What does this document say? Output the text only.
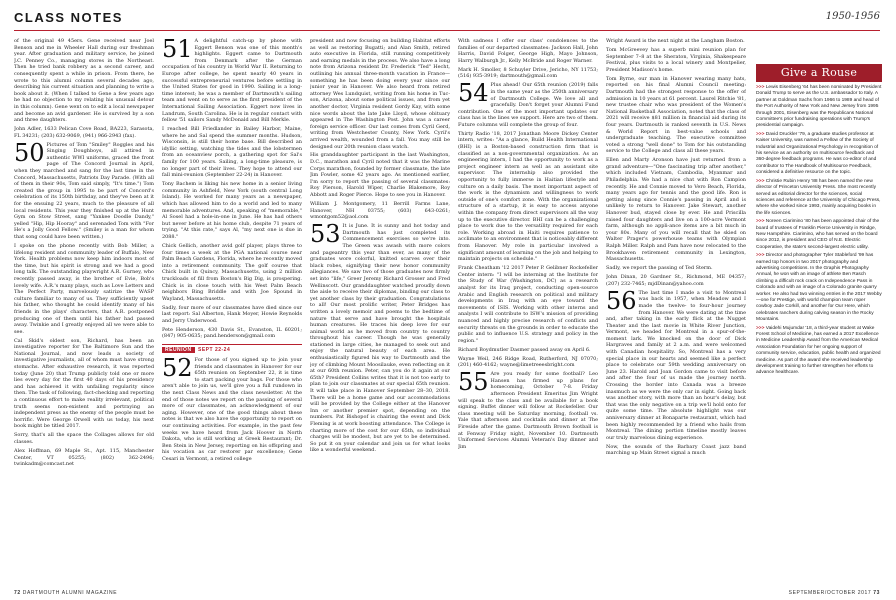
CLASS NOTES	1950-1956

of the original 49 45ers. Gene received near Joel Benson and me in Wheeler Hall during our freshman year. After graduation and military service, he joined J.C. Penney Co., managing stores in the Northeast. Then he tried bank robbery as a second career, and consequently spent a while in prison. From there, he wrote to this alumni column several decades ago, describing his current situation and planning to write a book about it. (When I talked to Gene a few years ago he had no objection to my relating his unusual detour in this column). Gene went on to edit a local newspaper and become an avid gardener. He is survived by a son and three daughters.

John Adler, 1633 Pelican Cove Road, BA223, Sarasota, FL 34231; (203) 632-9069, (941) 966-2943 (fax).

50 Pictures of Tom "Smiley" Roggles and his Singing Doughboys, all attired in authentic WWI uniforms, graced the front page of The Concord Journal in April, when they marched and sang for the last time in the Concord, Massachusetts, Patriots Day Parade. (With all of them in their 90s, Tom said simply, "It's time.") Tom created the group in 1995 to be part of Concord's celebration of its 150th birthday, and they've been at it for the ensuing 22 years, much to the pleasure of all local residents. This year they finished up at the Hunt Gym on Stow Street, sang "Yankee Doodle Dandy," yelled "Hip, Hip Hooray" and serenaded Tom with "For He's a Jolly Good Fellow." (Smiley is a man for whom that song could have been written.)

I spoke on the phone recently with Bob Miller, a lifelong resident and community leader of Buffalo, New York. Health problems now keep him indoors most of the time, but his spirit is strong and we had a good long talk. The outstanding playwright A.R. Gurney, who recently passed away, is the brother of Evie, Bob's lovely wife. A.R.'s many plays, such as Love Letters and The Perfect Party, marvelously satirize the WASP culture familiar to many of us. They sufficiently upset his father, who thought he could identify many of his friends in the plays' characters, that A.R. postponed producing one of them until his father had passed away. Twinkie and I greatly enjoyed all we were able to see.

Cal Skid's oldest son, Richard, has been an investigative reporter for The Baltimore Sun and the National Journal, and now leads a society of investigative journalists, all of whom must have strong stomachs. After exhaustive research, it was reported today (June 20) that Trump publicly told one or more lies every day for the first 40 days of his presidency and has achieved it with unfailing regularity since then. The task of following, fact-checking and reporting a continuous effort to make reality irrelevant, political truth seems non-existent and portraying an independent press as the enemy of the people must be horrific. Were George Orwell with us today, his next book might be titled 2017.

Sorry, that's all the space the Collages allows for old classes.

Alex Hoffman, 69 Maple St., Apt. 115, Manchester Center, VT 05255; (802) 362-2496; twinkadm@comcast.net

51 A delightful catch-up by phone with Eggert Benson was one of this month's highlights. Eggert came to Dartmouth from Denmark after the German occupation of his country in World War II. Returning to Europe after college, he spent nearly 40 years in successful entrepreneurial ventures before settling in the United States for good in 1990. Sailing is a long-time interest; he was a member of Dartmouth's sailing team and went on to serve as the first president of the International Sailing Association. Eggert now lives in Landrum, South Carolina. He is in regular contact with fellow '51 sailors Sandy McDonald and Bill Merkle.

I reached Bill Friedlander in Bailey Harbor, Maine, where he and Sal spend the summer months. Hudson, Wisconsin, is still their home base. Bill described an idyllic setting, watching the tides and the lobstermen from an oceanview porch, a gathering spot for Sal's family for 100 years. Sailing, a long-time pleasure, is no longer part of their lives. They hope to attend our fall mini-reunion (September 22-24) in Hanover.

Tony Bachem is liking his new home in a senior living community in Ashfield, New York (south central Long Island). He worked for many years as a newspaper, which has allowed him to do a world and led to many memorable adventures. And, speaking of "memorable," Al Sosel had a hole-in-one in June. He has had others but never before at his home club, despite 71 years of trying. "At this rate," says Al, "my next one is due in 2088."

Chick Gellich, another avid golf player, plays three to four times a week at the PGA national course near Palm Beach Gardens, Florida, where he recently moved into a retirement community. The golf course that Chick built in Quincy, Massachusetts, using 2 million truckloads of fill from Boston's Big Dig, is prospering. Chick is in close touch with his West Palm Beach neighbors Bing Briddle and with Joe Spound in Wayland, Massachusetts.

Sadly, four more of our classmates have died since our last report: Sal Alberton, Hank Moyer, Howie Reynolds and Jerry Underwood.

Pete Henderson, 430 Davis St., Evanston, IL 60201; (847) 905-0635; pand.henderson@gmail.com

REUNION	SEPT 22-24

52 For those of you signed up to join your friends and classmates in Hanover for our 65th reunion on September 22, it is time to start packing your bags. For those who aren't able to join us, we'll give you a full rundown in the next Class News and the class newsletter. At the end of those notes we report on the passing of several more of our classmates, an acknowledgment of our aging. However, one of the good things about these notes is that we also have the opportunity to report on our continuing activities. For example, in the past few weeks we have heard from Jack Hoover in North Dakota, who is still working at Greek Restaurant; Dr. Ben Stein in New Jersey, reporting on his offspring and his vocation as car restorer par excellence; Gene Cesari in Vermont, a retired college

president and now focusing on building Habitat efforts as well as restoring Bugatti; and Alan Smith, retired auto executive in Florida, still running competitively and earning medals in the process. We also have a long note from Arizona resident Dr. Frederick "Ted" Hecht, outlining his annual three-month vacation in France—something he has been doing every year since our junior year in Hanover. We also heard from retired attorney Wes Lundquist, writing from his home in Tuc-son, Arizona, about some political issues, and from yet another doctor, Virginia resident Gordy Kay, with some nice words about the late Jake Lloyd, whose obituary appeared in The Washington Post. John was a career foreign service officer. Our last comes from Cyril Gerd, writing from Westchester County, New York. Cyril's arrived wealth, wounded from a fall. You may still be designed our 20th reunion class watch.

His granddaughter participant in the last Washington, D.C., marathon and Cyril noted that it was the Marine Corps marathon, founded by former classmate, the late Jim Fowler, some 42 years ago. As mentioned earlier, I'm sorry to report the passing of several classmates: Roy Pierson, Harold Wiper, Charlie Blakemore, Roy Abbott and Roger Pierce. Hope to see you in Hanover.

William J. Montgomery, 11 Berrill Farms Lane, Hanover, NH 03755; (603) 643-0261; wmontgom52@aol.com

53 It is June. It is sunny and hot today and Dartmouth has just completed its Commencement exercises so we're into. The Green was awash with more colors and pageantry this year than ever, as many of the graduates wore colorful, knitted scarves over their black robes, signifying their new honor community allegiances. We saw two of those graduates now firmly set into "life," Greer Jeremy Richard Grosser and Fred Wellinscott. Our granddaughter watched proudly down the aisle to receive their diplomas, binding our class to yet another class by their graduation. Congratulations to all! Our most prolific writer, Peter Bridges has written a lovely memoir and poems to the bedtime of nature that serve and have brought the hospitals human creatures. He traces his deep love for our animal world as he moved from country to country throughout his career. Though he was generally stationed in large cities, he managed to seek out and enjoy the natural beauty of each area. He enthusiastically figured his way to Dartmouth and the joy of climbing Mount Moosilauke, even reflecting on it at our 60th reunion. Peter, can you do it again at our 65th? President Collins writes that it is not too early to plan to join our classmates at our special 65th reunion. It will take place in Hanover September 28–30, 2018. There will be a home game and our accommodations will be provided by the College either at the Hanover Inn or another premier spot, depending on the numbers. Pat Bishopof is chairing the event and Dick Fleming is at work boosting attendance. The College is charting more of the cost for our 65th, so individual charges will be modest, but are yet to be determined. So put it on your calendar and join us for what looks like a wonderful weekend.

With sadness I offer our class' condolences to the families of our departed classmates: Jackson Hall, John Harris, David Folger, George High, Mayo Johnson, Harry Walburgh Jr., Kelly McBride and Roger Warner.

Mark H. Smoller, 8 Schuyler Drive, Jericho, NY 11753; (516) 935-3919; dartmouth@gmail.com

54 Plus ahead! Our 65th reunion (2019) falls in the same year as the 250th anniversary of Dartmouth College. We love all and gracefully. Don't forget your Alumni Fund contribution. One of the most important updates our class has is the lines we support. Here are two of them. Future columns will complete the group of four.

Thirty Radio '18, 2017 Jonathan Moore Dickey Center intern, writes: "As a glance, Build Health International (BHI) is a Boston-based construction firm that is classified as a non-governmental organization. As an engineering intern, I had the opportunity to work as a project engineer intern as well as an assistant site supervisor. The internship also provided the opportunity to fully immerse in Haitian lifestyle and culture on a daily basis. The most important aspect of the work is the dynamism and willingness to work outside of one's comfort zone. With the organizational structure of a startup, it is easy to access anyone within the company from direct supervisors all the way up to the executive director. BHI can be a challenging place to work due to the versatility required for each role. Working abroad in Haiti requires patience to acclimate to an environment that is noticeably different from Hanover. My role in particular involved a significant amount of learning on the job and helping to maintain projects on schedule."

Frank Cheatham '12 2017 Peter P. Gelibner Rockefeller Center intern: "I will be interning at the Institute for the Study of War (Washington, DC) as a research analyst for its Iraq project, conducting open-source Arabic and English research on political and military developments in Iraq with an eye toward the movements of ISIS. Working with other interns and analysts I will contribute to ISW's mission of providing nuanced and highly precise research of conflicts and security threats on the grounds in order to educate the public and to influence U.S. strategy and policy in the region."

Richard Boydmutler Dasmer passed away on April 6.

Wayne Weil, 246 Ridge Road, Rutherford, NJ 07070; (201) 460-4162; wayne@limetreeesbright.com

55 Are you ready for some football? Leo Hansen has firmed up plans for homecoming, October 7-8. Friday afternoon President Emeritus Jim Wright will speak to the class and be available for a book signing. Buffet dinner will follow at Rockefeller. Our class meeting will be Saturday morning, football vs. Yale that afternoon and cocktails and dinner at The Fireside after the game. Dartmouth Brown football is at Fenway Friday night, November 10. Dartmouth Uniformed Services Alumni Veteran's Day dinner and Jim

Wright Award is the next night at the Langham Boston.

Tom McGreevey has a superb mini reunion plan for September 7–8 at the Sheraton, Virginia, Shakespeare Festival, plus visits to a local winery and Montpelier, President Madison's home.

Tom Byrne, our man in Hanover wearing many hats, reported on his final Alumni Council meeting: Dartmouth had the strongest response to the offer of admission in 10 years at 61 percent. Laurel Ritchie '81, new trustee chair who was president of the Women's National Basketball Association, noted that the class of 2021 will receive $81 million in financial aid during its four years. Dartmouth is ranked seventh in U.S. News & World Report in best-value schools and undergraduate teaching. The executive committee voted a strong "well done" to Tom for his outstanding service to the College and class all these years.

Ellen and Marty Aronson have just returned from a grand adventure—"One fascinating trip after another," which included Vietnam, Cambodia, Myanmar and Philadelphia. We had a nice chat with Ron Campion recently. He and Connie moved to Vero Beach, Florida, many years ago for tennis and the good life. Ron is getting along since Connie's passing in April and is unlikely to return to Hanover. Jake Stewart, another Hanover bud, stayed close by ever. He and Priscilla raised four daughters and live on a 100-acre Vermont farm, although no appli-ance items are a bit much in your 80s. Many of you will recall that he skied on Walter Prager's powerhouse teams with Olympian Ralph Miller. Ralph and Pam have now relocated to the Brookhaven retirement community in Lexington, Massachusetts.

Sadly, we report the passing of Ted Sterm.

John Dinan, 20 Gardner St., Richmond, ME 04357; (207) 232-7465; mjdDinan@yahoo.com

56 The last time I made a visit to Montreal was back in 1957, when Meadow and I made the twelve- to four-hour journey from Hanover. We were dating at the time and, after taking in the early flick at the Nugget Theater and the last movie in White River Junction, Vermont, we headed for Montreal in a spur-of-the-moment lark. We knocked on the door of Dick Hargraves and family at 2 a.m. and were welcomed with Canadian hospitality. So, Montreal has a very special place in our hearts and seemed like a perfect place to celebrate our 59th wedding anniversary on June 23. Harold and Joan Gordon came to visit before and after the four of us made the journey north. Crossing the border into Canada was a breeze inasmuch as we were the only car in sight. Going back was another story, with more than an hour's delay, but that was the only negative on a trip we'll hold onto for quite some time. The absolute highlight was our anniversary dinner at Bonaparte restaurant, which had been highly recommended by a friend who hails from Montreal. The dining portion timeline mostly leaves our truly marvelous dining experience.

Now, the sounds of the Barbary Coast jazz band marching up Main Street signal a much

Give a Rouse

>>> Lewis Eisenberg '64 has been nominated by President Donald Trump to serve as the U.S. ambassador to Italy. A partner at Goldman Sachs from 1966 to 1989 and head of the Port Authority of New York and New Jersey from 1995 through 2001, Eisenberg was the Republicans National Committee's prior fundraising operations with Trump's presidential campaign.

>>> David Druckler '79, a graduate studies professor at Kaiser University, was named a Fellow of the Society of Industrial and Organizational Psychology in recognition of his service as an authority on multisource feedback and 360-degree feedback programs. He was co-editor of and contributor to The Handbook of Multisource Feedback, considered a definitive resource on the topic.

>>> Christie Rubin Henry '88 has been named the new director of Princeton University Press. She most recently served as editorial director for the sciences, social sciences and reference at the University of Chicago Press, where she worked since 1993, mainly acquiring books in the life sciences.

>>> Noreen Ciarimino '80 has been appointed chair of the board of trustees of Franklin Pierce University in Rindge, New Hampshire. Ciarimino, who has served on the board since 2012, is president and CEO of N.E. Electric Cooperative, the state's second-largest electric utility.

>>> Director and photographer Tyler Stableford '99 has earned top honors in two 2017 photography and advertising competitions. In the Graphis Photography Annual, he won with an image of athlete Ben Rasch climbing a difficult rock crack on Independence Pass in Colorado and with an image of a Colorado granite quarry worker. He also had two winning entries in the 2017 Webby—one for Prestige, with world champion team roper cowboy Jade Corkill, and another for Our Here, which celebrates ranchers during calving season in the Rocky Mountains.

>>> Vaidehi Mujumdar '18, a third-year student at Wake Forest School of Medicine, has earned a 2017 Excellence in Medicine Leadership Award from the American Medical Association Foundation for her ongoing support of community service, education, public health and organized medicine. As part of the award she received leadership development training to further strengthen her efforts to advance healthcare.

72 DARTMOUTH ALUMNI MAGAZINE	SEPTEMBER/OCTOBER 2017 73
